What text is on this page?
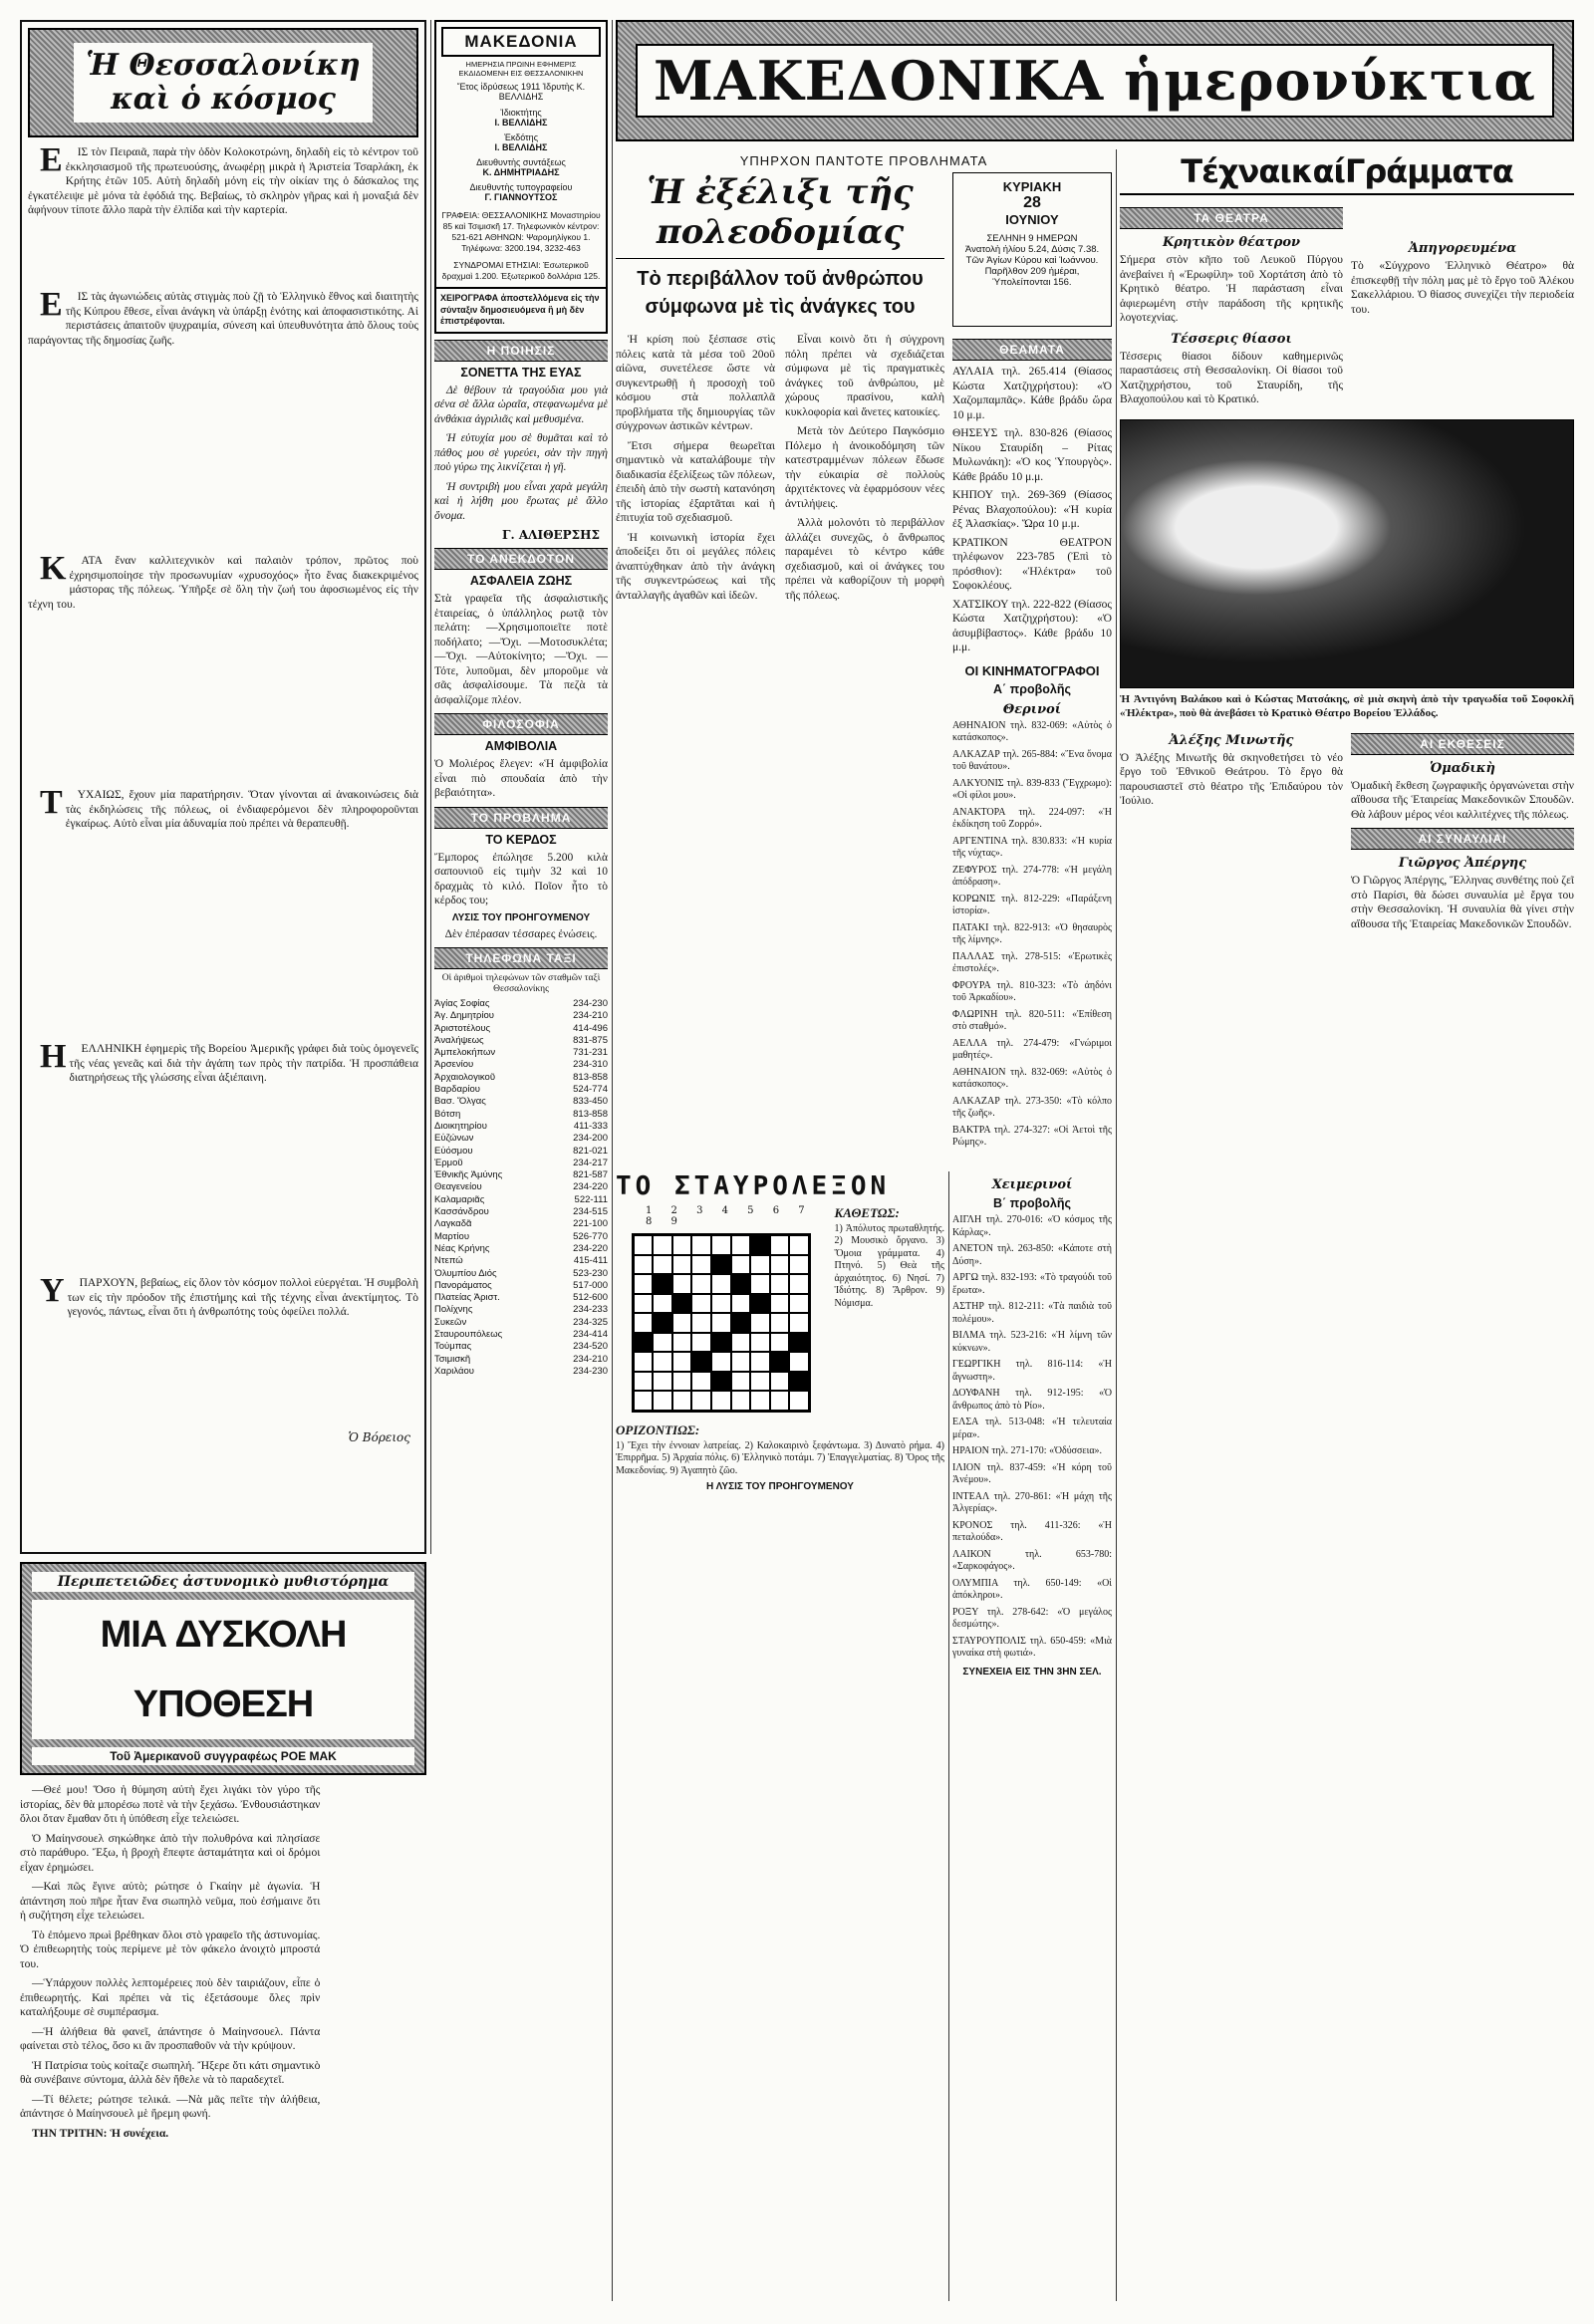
Ἡ Θεσσαλονίκη καὶ ὁ κόσμος

ΕΙΣ τὸν Πειραιᾶ, παρὰ τὴν ὁδὸν Κολοκοτρώνη, δηλαδὴ εἰς τὸ κέντρον τοῦ ἐκκλησιασμοῦ τῆς πρωτευούσης, ἀνωφέρῃ μικρὰ ἡ Ἀριστεία Τσαρλάκη, ἐκ Κρήτης ἐτῶν 105. Αὐτὴ δηλαδὴ μόνη εἰς τὴν οἰκίαν της ὁ δάσκαλος της ἐγκατέλειψε μὲ μόνα τὰ ἐφόδιά της. Βεβαίως, τὸ σκληρὸν γῆρας καὶ ἡ μοναξιά δὲν ἀφήνουν τίποτε ἄλλο παρὰ τὴν ἐλπίδα καὶ τὴν καρτερία.

ΕΙΣ τὰς ἀγωνιώδεις αὐτὰς στιγμὰς ποὺ ζῇ τὸ Ἑλληνικὸ ἔθνος καὶ διαιτητὴς τῆς Κύπρου ἔθεσε, εἶναι ἀνάγκη νὰ ὑπάρξῃ ἑνότης καὶ ἀποφασιστικότης. Αἱ περιστάσεις ἀπαιτοῦν ψυχραιμία, σύνεση καὶ ὑπευθυνότητα ἀπὸ ὅλους τοὺς παράγοντας τῆς δημοσίας ζωῆς.

ΚΑΤΑ ἕναν καλλιτεχνικὸν καὶ παλαιὸν τρόπον, πρῶτος ποὺ ἐχρησιμοποίησε τὴν προσωνυμίαν «χρυσοχόος» ἦτο ἕνας διακεκριμένος μάστορας τῆς πόλεως. Ὑπῆρξε σὲ ὅλη τὴν ζωή του ἀφοσιωμένος εἰς τὴν τέχνη του.

ΤΥΧΑΙΩΣ, ἔχουν μία παρατήρησιν. Ὅταν γίνονται αἱ ἀνακοινώσεις διὰ τὰς ἐκδηλώσεις τῆς πόλεως, οἱ ἐνδιαφερόμενοι δὲν πληροφοροῦνται ἐγκαίρως. Αὐτὸ εἶναι μία ἀδυναμία ποὺ πρέπει νὰ θεραπευθῇ.

ΗΕΛΛΗΝΙΚΗ ἐφημερὶς τῆς Βορείου Ἀμερικῆς γράφει διὰ τοὺς ὁμογενεῖς τῆς νέας γενεᾶς καὶ διὰ τὴν ἀγάπη των πρὸς τὴν πατρίδα. Ἡ προσπάθεια διατηρήσεως τῆς γλώσσης εἶναι ἀξιέπαινη.

ΥΠΑΡΧΟΥΝ, βεβαίως, εἰς ὅλον τὸν κόσμον πολλοὶ εὐεργέται. Ἡ συμβολὴ των εἰς τὴν πρόοδον τῆς ἐπιστήμης καὶ τῆς τέχνης εἶναι ἀνεκτίμητος. Τὸ γεγονός, πάντως, εἶναι ὅτι ἡ ἀνθρωπότης τοὺς ὀφείλει πολλά.

Ὁ Βόρειος
ΜΑΚΕΔΟΝΙΑ
ΗΜΕΡΗΣΙΑ ΠΡΩΙΝΗ ΕΦΗΜΕΡΙΣ ΕΚΔΙΔΟΜΕΝΗ ΕΙΣ ΘΕΣΣΑΛΟΝΙΚΗΝ
Ἔτος ἱδρύσεως 1911 Ἱδρυτὴς Κ. ΒΕΛΛΙΔΗΣ
Ἰδιοκτήτης
Ι. ΒΕΛΛΙΔΗΣ
Ἐκδότης
Ι. ΒΕΛΛΙΔΗΣ
Διευθυντὴς συντάξεως
Κ. ΔΗΜΗΤΡΙΑΔΗΣ
Διευθυντὴς τυπογραφείου
Γ. ΓΙΑΝΝΟΥΤΣΟΣ
ΓΡΑΦΕΙΑ: ΘΕΣΣΑΛΟΝΙΚΗΣ Μοναστηρίου 85 καὶ Τσιμισκῆ 17. Τηλεφωνικὸν κέντρον: 521-621 ΑΘΗΝΩΝ: Ψαρομηλίγκου 1. Τηλέφωνα: 3200.194, 3232-463
ΣΥΝΔΡΟΜΑΙ ΕΤΗΣΙΑΙ: Ἐσωτερικοῦ δραχμαὶ 1.200. Ἐξωτερικοῦ δολλάρια 125.
ΧΕΙΡΟΓΡΑΦΑ ἀποστελλόμενα εἰς τὴν σύνταξιν δημοσιευόμενα ἢ μὴ δὲν ἐπιστρέφονται.
Η ΠΟΙΗΣΙΣ
ΣΟΝΕΤΤΑ ΤΗΣ ΕΥΑΣ

Δὲ θέβουν τὰ τραγούδια μου γιὰ σένα σὲ ἄλλα ὡραῖα, στεφανωμένα μὲ ἀνθάκια ἀγριλιᾶς καὶ μεθυσμένα.

Ἡ εὐτυχία μου σὲ θυμᾶται καὶ τὸ πάθος μου σὲ γυρεύει, σὰν τὴν πηγὴ ποὺ γύρω της λικνίζεται ἡ γῆ.

Ἡ συντριβὴ μου εἶναι χαρὰ μεγάλη καὶ ἡ λήθη μου ἔρωτας μὲ ἄλλο ὄνομα.

Γ. ΑΛΙΘΕΡΣΗΣ
ΤΟ ΑΝΕΚΔΟΤΟΝ
ΑΣΦΑΛΕΙΑ ΖΩΗΣ
Στὰ γραφεῖα τῆς ἀσφαλιστικῆς ἑταιρείας, ὁ ὑπάλληλος ρωτᾷ τὸν πελάτη: —Χρησιμοποιεῖτε ποτὲ ποδήλατο; —Ὄχι. —Μοτοσυκλέτα; —Ὄχι. —Αὐτοκίνητο; —Ὄχι. —Τότε, λυποῦμαι, δὲν μποροῦμε νὰ σᾶς ἀσφαλίσουμε. Τὰ πεζὰ τὰ ἀσφαλίζομε πλέον.
ΦΙΛΟΣΟΦΙΑ
ΑΜΦΙΒΟΛΙΑ
Ὁ Μολιέρος ἔλεγεν: «Ἡ ἀμφιβολία εἶναι πιὸ σπουδαία ἀπὸ τὴν βεβαιότητα».
ΤΟ ΠΡΟΒΛΗΜΑ
ΤΟ ΚΕΡΔΟΣ
Ἔμπορος ἐπώλησε 5.200 κιλὰ σαπουνιοῦ εἰς τιμὴν 32 καὶ 10 δραχμὰς τὸ κιλό. Ποῖον ἦτο τὸ κέρδος του;
ΛΥΣΙΣ ΤΟΥ ΠΡΟΗΓΟΥΜΕΝΟΥ
Δὲν ἐπέρασαν τέσσαρες ἐνώσεις.
ΤΗΛΕΦΩΝΑ ΤΑΞΙ
Οἱ ἀριθμοὶ τηλεφώνων τῶν σταθμῶν ταξὶ Θεσσαλονίκης
Ἁγίας Σοφίας	234-230
Ἁγ. Δημητρίου	234-210
Ἀριστοτέλους	414-496
Ἀναλήψεως	831-875
Ἀμπελοκήπων	731-231
Ἀρσενίου	234-310
Ἀρχαιολογικοῦ	813-858
Βαρδαρίου	524-774
Βασ. Ὄλγας	833-450
Βότση	813-858
Διοικητηρίου	411-333
Εὐζώνων	234-200
Εὐόσμου	821-021
Ἑρμοῦ	234-217
Ἐθνικῆς Ἀμύνης	821-587
Θεαγενείου	234-220
Καλαμαριᾶς	522-111
Κασσάνδρου	234-515
Λαγκαδᾶ	221-100
Μαρτίου	526-770
Νέας Κρήνης	234-220
Ντεπώ	415-411
Ὀλυμπίου Διός	523-230
Πανοράματος	517-000
Πλατείας Ἀριστ.	512-600
Πολίχνης	234-233
Συκεῶν	234-325
Σταυρουπόλεως	234-414
Τούμπας	234-520
Τσιμισκῆ	234-210
Χαριλάου	234-230
ΜΑΚΕΔΟΝΙΚΑ ἡμερονύκτια
ΥΠΗΡΧΟΝ ΠΑΝΤΟΤΕ ΠΡΟΒΛΗΜΑΤΑ
Ἡ ἐξέλιξι τῆς πολεοδομίας
Τὸ περιβάλλον τοῦ ἀνθρώπου σύμφωνα μὲ τὶς ἀνάγκες του
ΚΥΡΙΑΚΗ
28
ΙΟΥΝΙΟΥ
ΣΕΛΗΝΗ 9 ΗΜΕΡΩΝ
Ἀνατολὴ ἡλίου 5.24, Δύσις 7.38.
Τῶν Ἁγίων Κύρου καὶ Ἰωάννου.
Παρῆλθον 209 ἡμέραι, Ὑπολείπονται 156.

Ἡ κρίση ποὺ ξέσπασε στὶς πόλεις κατὰ τὰ μέσα τοῦ 20οῦ αἰῶνα, συνετέλεσε ὥστε νὰ συγκεντρωθῇ ἡ προσοχὴ τοῦ κόσμου στὰ πολλαπλᾶ προβλήματα τῆς δημιουργίας τῶν σύγχρονων ἀστικῶν κέντρων.

Ἔτσι σήμερα θεωρεῖται σημαντικὸ νὰ καταλάβουμε τὴν διαδικασία ἐξελίξεως τῶν πόλεων, ἐπειδὴ ἀπὸ τὴν σωστὴ κατανόηση τῆς ἱστορίας ἐξαρτᾶται καὶ ἡ ἐπιτυχία τοῦ σχεδιασμοῦ.

Ἡ κοινωνικὴ ἱστορία ἔχει ἀποδείξει ὅτι οἱ μεγάλες πόλεις ἀναπτύχθηκαν ἀπὸ τὴν ἀνάγκη τῆς συγκεντρώσεως καὶ τῆς ἀνταλλαγῆς ἀγαθῶν καὶ ἰδεῶν.

Εἶναι κοινὸ ὅτι ἡ σύγχρονη πόλη πρέπει νὰ σχεδιάζεται σύμφωνα μὲ τὶς πραγματικὲς ἀνάγκες τοῦ ἀνθρώπου, μὲ χώρους πρασίνου, καλὴ κυκλοφορία καὶ ἄνετες κατοικίες.

Μετὰ τὸν Δεύτερο Παγκόσμιο Πόλεμο ἡ ἀνοικοδόμηση τῶν κατεστραμμένων πόλεων ἔδωσε τὴν εὐκαιρία σὲ πολλοὺς ἀρχιτέκτονες νὰ ἐφαρμόσουν νέες ἀντιλήψεις.

Ἀλλὰ μολονότι τὸ περιβάλλον ἀλλάζει συνεχῶς, ὁ ἄνθρωπος παραμένει τὸ κέντρο κάθε σχεδιασμοῦ, καὶ οἱ ἀνάγκες του πρέπει νὰ καθορίζουν τὴ μορφὴ τῆς πόλεως.

ΘΕΑΜΑΤΑ

ΑΥΛΑΙΑ τηλ. 265.414 (Θίασος Κώστα Χατζηχρήστου): «Ὁ Χαζομπαμπᾶς». Κάθε βράδυ ὥρα 10 μ.μ.

ΘΗΣΕΥΣ τηλ. 830-826 (Θίασος Νίκου Σταυρίδη – Ρίτας Μυλωνάκη): «Ὁ κος Ὑπουργὸς». Κάθε βράδυ 10 μ.μ.

ΚΗΠΟΥ τηλ. 269-369 (Θίασος Ρένας Βλαχοπούλου): «Ἡ κυρία ἐξ Ἀλασκίας». Ὥρα 10 μ.μ.

ΚΡΑΤΙΚΟΝ ΘΕΑΤΡΟΝ τηλέφωνον 223-785 (Ἐπὶ τὸ πρόσθιον): «Ἠλέκτρα» τοῦ Σοφοκλέους.

ΧΑΤΣΙΚΟΥ τηλ. 222-822 (Θίασος Κώστα Χατζηχρήστου): «Ὁ ἀσυμβίβαστος». Κάθε βράδυ 10 μ.μ.

ΟΙ ΚΙΝΗΜΑΤΟΓΡΑΦΟΙ
Α΄ προβολῆς
Θερινοί

ΑΘΗΝΑΙΟΝ τηλ. 832-069: «Αὐτὸς ὁ κατάσκοπος».

ΑΛΚΑΖΑΡ τηλ. 265-884: «Ἕνα ὄνομα τοῦ θανάτου».

ΑΛΚΥΟΝΙΣ τηλ. 839-833 (Ἔγχρωμο): «Οἱ φίλοι μου».

ΑΝΑΚΤΟΡΑ τηλ. 224-097: «Ἡ ἐκδίκηση τοῦ Ζορρό».

ΑΡΓΕΝΤΙΝΑ τηλ. 830.833: «Ἡ κυρία τῆς νύχτας».

ΖΕΦΥΡΟΣ τηλ. 274-778: «Ἡ μεγάλη ἀπόδραση».

ΚΟΡΩΝΙΣ τηλ. 812-229: «Παράξενη ἱστορία».

ΠΑΤΑΚΙ τηλ. 822-913: «Ὁ θησαυρὸς τῆς λίμνης».

ΠΑΛΛΑΣ τηλ. 278-515: «Ἐρωτικὲς ἐπιστολές».

ΦΡΟΥΡΑ τηλ. 810-323: «Τὸ ἀηδόνι τοῦ Ἀρκαδίου».

ΦΛΩΡΙΝΗ τηλ. 820-511: «Ἐπίθεση στὸ σταθμό».

ΑΕΛΛΑ τηλ. 274-479: «Γνώριμοι μαθητές».

ΑΘΗΝΑΙΟΝ τηλ. 832-069: «Αὐτὸς ὁ κατάσκοπος».

ΑΛΚΑΖΑΡ τηλ. 273-350: «Τὸ κόλπο τῆς ζωῆς».

ΒΑΚΤΡΑ τηλ. 274-327: «Οἱ Ἀετοὶ τῆς Ρώμης».

ΤΟ ΣΤΑΥΡΟΛΕΞΟΝ
1 2 3 4 5 6 7 8 9
ΚΑΘΕΤΩΣ:
1) Ἀπόλυτος πρωταθλητής. 2) Μουσικὸ ὄργανο. 3) Ὅμοια γράμματα. 4) Πτηνό. 5) Θεὰ τῆς ἀρχαιότητος. 6) Νησί. 7) Ἰδιότης. 8) Ἄρθρον. 9) Νόμισμα.
ΟΡΙΖΟΝΤΙΩΣ:
1) Ἔχει τὴν ἐννοιαν λατρείας. 2) Καλοκαιρινὸ ξεφάντωμα. 3) Δυνατὸ ρήμα. 4) Ἐπιρρῆμα. 5) Ἀρχαία πόλις. 6) Ἑλληνικὸ ποτάμι. 7) Ἐπαγγελματίας. 8) Ὄρος τῆς Μακεδονίας. 9) Ἀγαπητὸ ζῶο.
Η ΛΥΣΙΣ ΤΟΥ ΠΡΟΗΓΟΥΜΕΝΟΥ
Χειμερινοί
Β΄ προβολῆς

ΑΙΓΛΗ τηλ. 270-016: «Ὁ κόσμος τῆς Κάρλας».

ΑΝΕΤΟΝ τηλ. 263-850: «Κάποτε στὴ Δύση».

ΑΡΓΩ τηλ. 832-193: «Τὸ τραγούδι τοῦ ἔρωτα».

ΑΣΤΗΡ τηλ. 812-211: «Τὰ παιδιὰ τοῦ πολέμου».

ΒΙΛΜΑ τηλ. 523-216: «Ἡ λίμνη τῶν κύκνων».

ΓΕΩΡΓΙΚΗ τηλ. 816-114: «Ἡ ἄγνωστη».

ΔΟΥΦΑΝΗ τηλ. 912-195: «Ὁ ἄνθρωπος ἀπὸ τὸ Ρίο».

ΕΛΣΑ τηλ. 513-048: «Ἡ τελευταία μέρα».

ΗΡΑΙΟΝ τηλ. 271-170: «Ὀδύσσεια».

ΙΛΙΟΝ τηλ. 837-459: «Ἡ κόρη τοῦ Ἀνέμου».

ΙΝΤΕΑΛ τηλ. 270-861: «Ἡ μάχη τῆς Ἀλγερίας».

ΚΡΟΝΟΣ τηλ. 411-326: «Ἡ πεταλούδα».

ΛΑΙΚΟΝ τηλ. 653-780: «Σαρκοφάγος».

ΟΛΥΜΠΙΑ τηλ. 650-149: «Οἱ ἀπόκληροι».

ΡΟΞΥ τηλ. 278-642: «Ὁ μεγάλος δεσμώτης».

ΣΤΑΥΡΟΥΠΟΛΙΣ τηλ. 650-459: «Μιὰ γυναίκα στὴ φωτιά».

ΣΥΝΕΧΕΙΑ ΕΙΣ ΤΗΝ 3ΗΝ ΣΕΛ.
ΤέχναικαίΓράμματα
ΤΑ ΘΕΑΤΡΑ
Κρητικὸν θέατρον
Σήμερα στὸν κῆπο τοῦ Λευκοῦ Πύργου ἀνεβαίνει ἡ «Ἐρωφίλη» τοῦ Χορτάτση ἀπὸ τὸ Κρητικὸ θέατρο. Ἡ παράσταση εἶναι ἀφιερωμένη στὴν παράδοση τῆς κρητικῆς λογοτεχνίας.
Τέσσερις θίασοι
Τέσσερις θίασοι δίδουν καθημερινῶς παραστάσεις στὴ Θεσσαλονίκη. Οἱ θίασοι τοῦ Χατζηχρήστου, τοῦ Σταυρίδη, τῆς Βλαχοπούλου καὶ τὸ Κρατικό.
Ἀπηγορευμένα
Τὸ «Σύγχρονο Ἑλληνικὸ Θέατρο» θὰ ἐπισκεφθῇ τὴν πόλη μας μὲ τὸ ἔργο τοῦ Ἀλέκου Σακελλάριου. Ὁ θίασος συνεχίζει τὴν περιοδεία του.
Ἡ Ἀντιγόνη Βαλάκου καὶ ὁ Κώστας Ματσάκης, σὲ μιὰ σκηνὴ ἀπὸ τὴν τραγωδία τοῦ Σοφοκλῆ «Ἠλέκτρα», ποὺ θὰ ἀνεβάσει τὸ Κρατικὸ Θέατρο Βορείου Ἑλλάδος.
Ἀλέξης Μινωτῆς
Ὁ Ἀλέξης Μινωτῆς θὰ σκηνοθετήσει τὸ νέο ἔργο τοῦ Ἐθνικοῦ Θεάτρου. Τὸ ἔργο θὰ παρουσιαστεῖ στὸ θέατρο τῆς Ἐπιδαύρου τὸν Ἰούλιο.
ΑΙ ΕΚΘΕΣΕΙΣ
Ὁμαδικὴ
Ὁμαδικὴ ἔκθεση ζωγραφικῆς ὀργανώνεται στὴν αἴθουσα τῆς Ἑταιρείας Μακεδονικῶν Σπουδῶν. Θὰ λάβουν μέρος νέοι καλλιτέχνες τῆς πόλεως.
ΑΙ ΣΥΝΑΥΛΙΑΙ
Γιῶργος Ἀπέργης
Ὁ Γιῶργος Ἀπέργης, Ἕλληνας συνθέτης ποὺ ζεῖ στὸ Παρίσι, θὰ δώσει συναυλία μὲ ἔργα του στὴν Θεσσαλονίκη. Ἡ συναυλία θὰ γίνει στὴν αἴθουσα τῆς Ἑταιρείας Μακεδονικῶν Σπουδῶν.
Περιπετειῶδες ἀστυνομικὸ μυθιστόρημα
ΜΙΑ ΔΥΣΚΟΛΗ ΥΠΟΘΕΣΗ
Τοῦ Ἀμερικανοῦ συγγραφέως ΡΟΕ ΜΑΚ

—Θεέ μου! Ὅσο ἡ θύμηση αὐτὴ ἔχει λιγάκι τὸν γύρο τῆς ἱστορίας, δὲν θὰ μπορέσω ποτὲ νὰ τὴν ξεχάσω. Ἐνθουσιάστηκαν ὅλοι ὅταν ἔμαθαν ὅτι ἡ ὑπόθεση εἶχε τελειώσει.

Ὁ Μαίηνσουελ σηκώθηκε ἀπὸ τὴν πολυθρόνα καὶ πλησίασε στὸ παράθυρο. Ἔξω, ἡ βροχὴ ἔπεφτε ἀσταμάτητα καὶ οἱ δρόμοι εἶχαν ἐρημώσει.

—Καὶ πῶς ἔγινε αὐτὸ; ρώτησε ὁ Γκαίην μὲ ἀγωνία. Ἡ ἀπάντηση ποὺ πῆρε ἦταν ἕνα σιωπηλὸ νεῦμα, ποὺ ἐσήμαινε ὅτι ἡ συζήτηση εἶχε τελειώσει.

Τὸ ἐπόμενο πρωὶ βρέθηκαν ὅλοι στὸ γραφεῖο τῆς ἀστυνομίας. Ὁ ἐπιθεωρητὴς τοὺς περίμενε μὲ τὸν φάκελο ἀνοιχτὸ μπροστά του.

—Ὑπάρχουν πολλὲς λεπτομέρειες ποὺ δὲν ταιριάζουν, εἶπε ὁ ἐπιθεωρητής. Καὶ πρέπει νὰ τὶς ἐξετάσουμε ὅλες πρὶν καταλήξουμε σὲ συμπέρασμα.

—Ἡ ἀλήθεια θὰ φανεῖ, ἀπάντησε ὁ Μαίηνσουελ. Πάντα φαίνεται στὸ τέλος, ὅσο κι ἂν προσπαθοῦν νὰ τὴν κρύψουν.

Ἡ Πατρίσια τοὺς κοίταζε σιωπηλή. Ἤξερε ὅτι κάτι σημαντικὸ θὰ συνέβαινε σύντομα, ἀλλὰ δὲν ἤθελε νὰ τὸ παραδεχτεῖ.

—Τί θέλετε; ρώτησε τελικά. —Νὰ μᾶς πεῖτε τὴν ἀλήθεια, ἀπάντησε ὁ Μαίηνσουελ μὲ ἤρεμη φωνή.

ΤΗΝ ΤΡΙΤΗΝ: Ἡ συνέχεια.
